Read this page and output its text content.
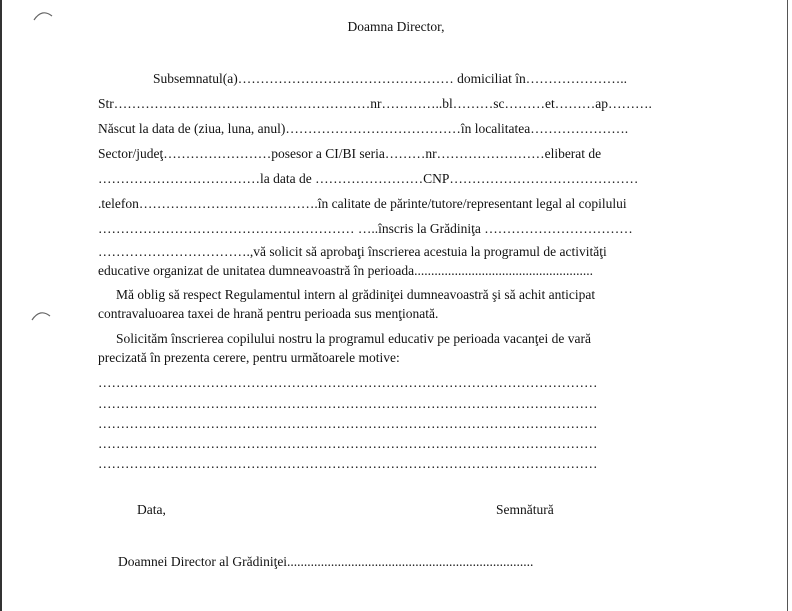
Doamna Director,
Subsemnatul(a)………………………………………… domiciliat în…………………..
Str…………………………………………………nr…………..bl………sc………et………ap……….
Născut la data de (ziua, luna, anul)…………………………………în localitatea………………….
Sector/judeţ……………………posesor a CI/BI seria………nr……………………eliberat de
………………………………la data de ……………………CNP……………………………………
.telefon………………………………….în calitate de părinte/tutore/representant legal al copilului
………………………………………………… …..înscris la Grădiniţa ……………………………
…………………………….,vă solicit să aprobaţi înscrierea acestuia la programul de activităţi
educative organizat de unitatea dumneavoastră în perioada.....................................................
Mă oblig să respect Regulamentul intern al grădiniţei dumneavoastră şi să achit anticipat
contravaluoarea taxei de hrană pentru perioada sus menţionată.
Solicităm înscrierea copilului nostru la programul educativ pe perioada vacanţei de vară
precizată în prezenta cerere, pentru următoarele motive:
…………………………………………………………………………………………………
…………………………………………………………………………………………………
…………………………………………………………………………………………………
…………………………………………………………………………………………………
…………………………………………………………………………………………………
Data,	Semnătură
Doamnei Director al Grădiniţei.........................................................................
